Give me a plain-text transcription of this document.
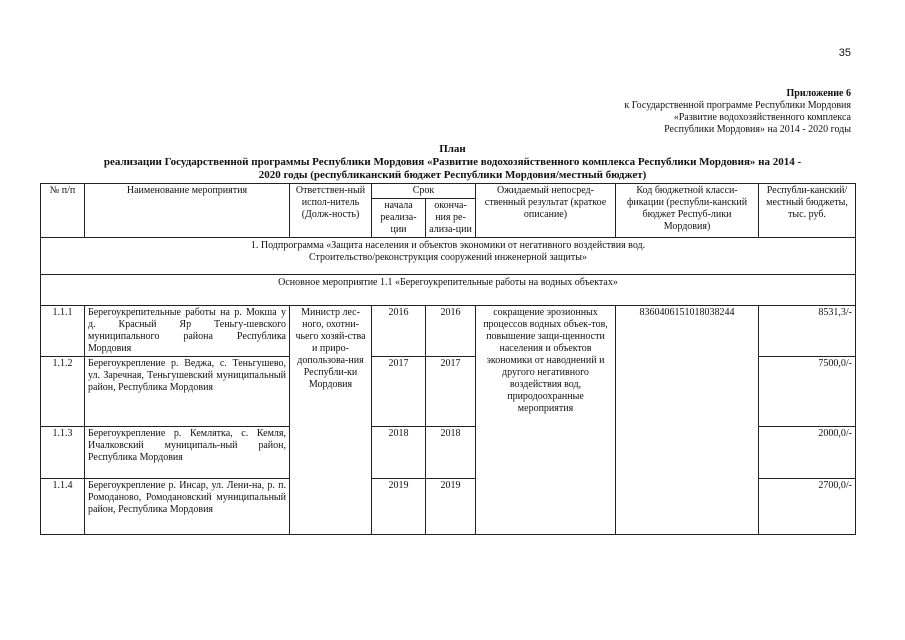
35
Приложение 6
к Государственной программе Республики Мордовия
«Развитие водохозяйственного комплекса
Республики Мордовия» на 2014 - 2020 годы
План
реализации Государственной программы Республики Мордовия «Развитие водохозяйственного комплекса Республики Мордовия» на 2014 -
2020 годы (республиканский бюджет Республики Мордовия/местный бюджет)
№ п/п	Наименование мероприятия	Ответствен-ный испол-нитель (Долж-ность)	Срок		Ожидаемый непосред-ственный результат (краткое описание)	Код бюджетной класси-фикации (республи-канский бюджет Респуб-лики Мордовия)	Республи-канский/местный бюджеты, тыс. руб.
			начала реализа-ции	оконча-ния ре-ализа-ции			

1. Подпрограмма «Защита населения и объектов экономики от негативного воздействия вод.
Строительство/реконструкция сооружений инженерной защиты»							

Основное мероприятие 1.1 «Берегоукрепительные работы на водных объектах»							
1.1.1	Берегоукрепительные работы на р. Мокша у д. Красный Яр Теньгу-шевского муниципального района Республика Мордовия	Министр лес-ного, охотни-чьего хозяй-ства и приро-допользова-ния Республи-ки Мордовия	2016	2016	сокращение эрозионных процессов водных объек-тов, повышение защи-щенности населения и объектов экономики от наводнений и другого негативного воздействия вод, природоохранные мероприятия	8360406151018038244	8531,3/-
1.1.2	Берегоукрепление р. Веджа, с. Теньгушево, ул. Заречная, Теньгушевский муниципальный район, Республика Мордовия		2017	2017			7500,0/-
1.1.3	Берегоукрепление р. Кемлятка, с. Кемля, Ичалковский муниципаль-ный район, Республика Мордовия		2018	2018			2000,0/-
1.1.4	Берегоукрепление р. Инсар, ул. Лени-на, р. п. Ромоданово, Ромодановский муниципальный район, Республика Мордовия		2019	2019			2700,0/-
